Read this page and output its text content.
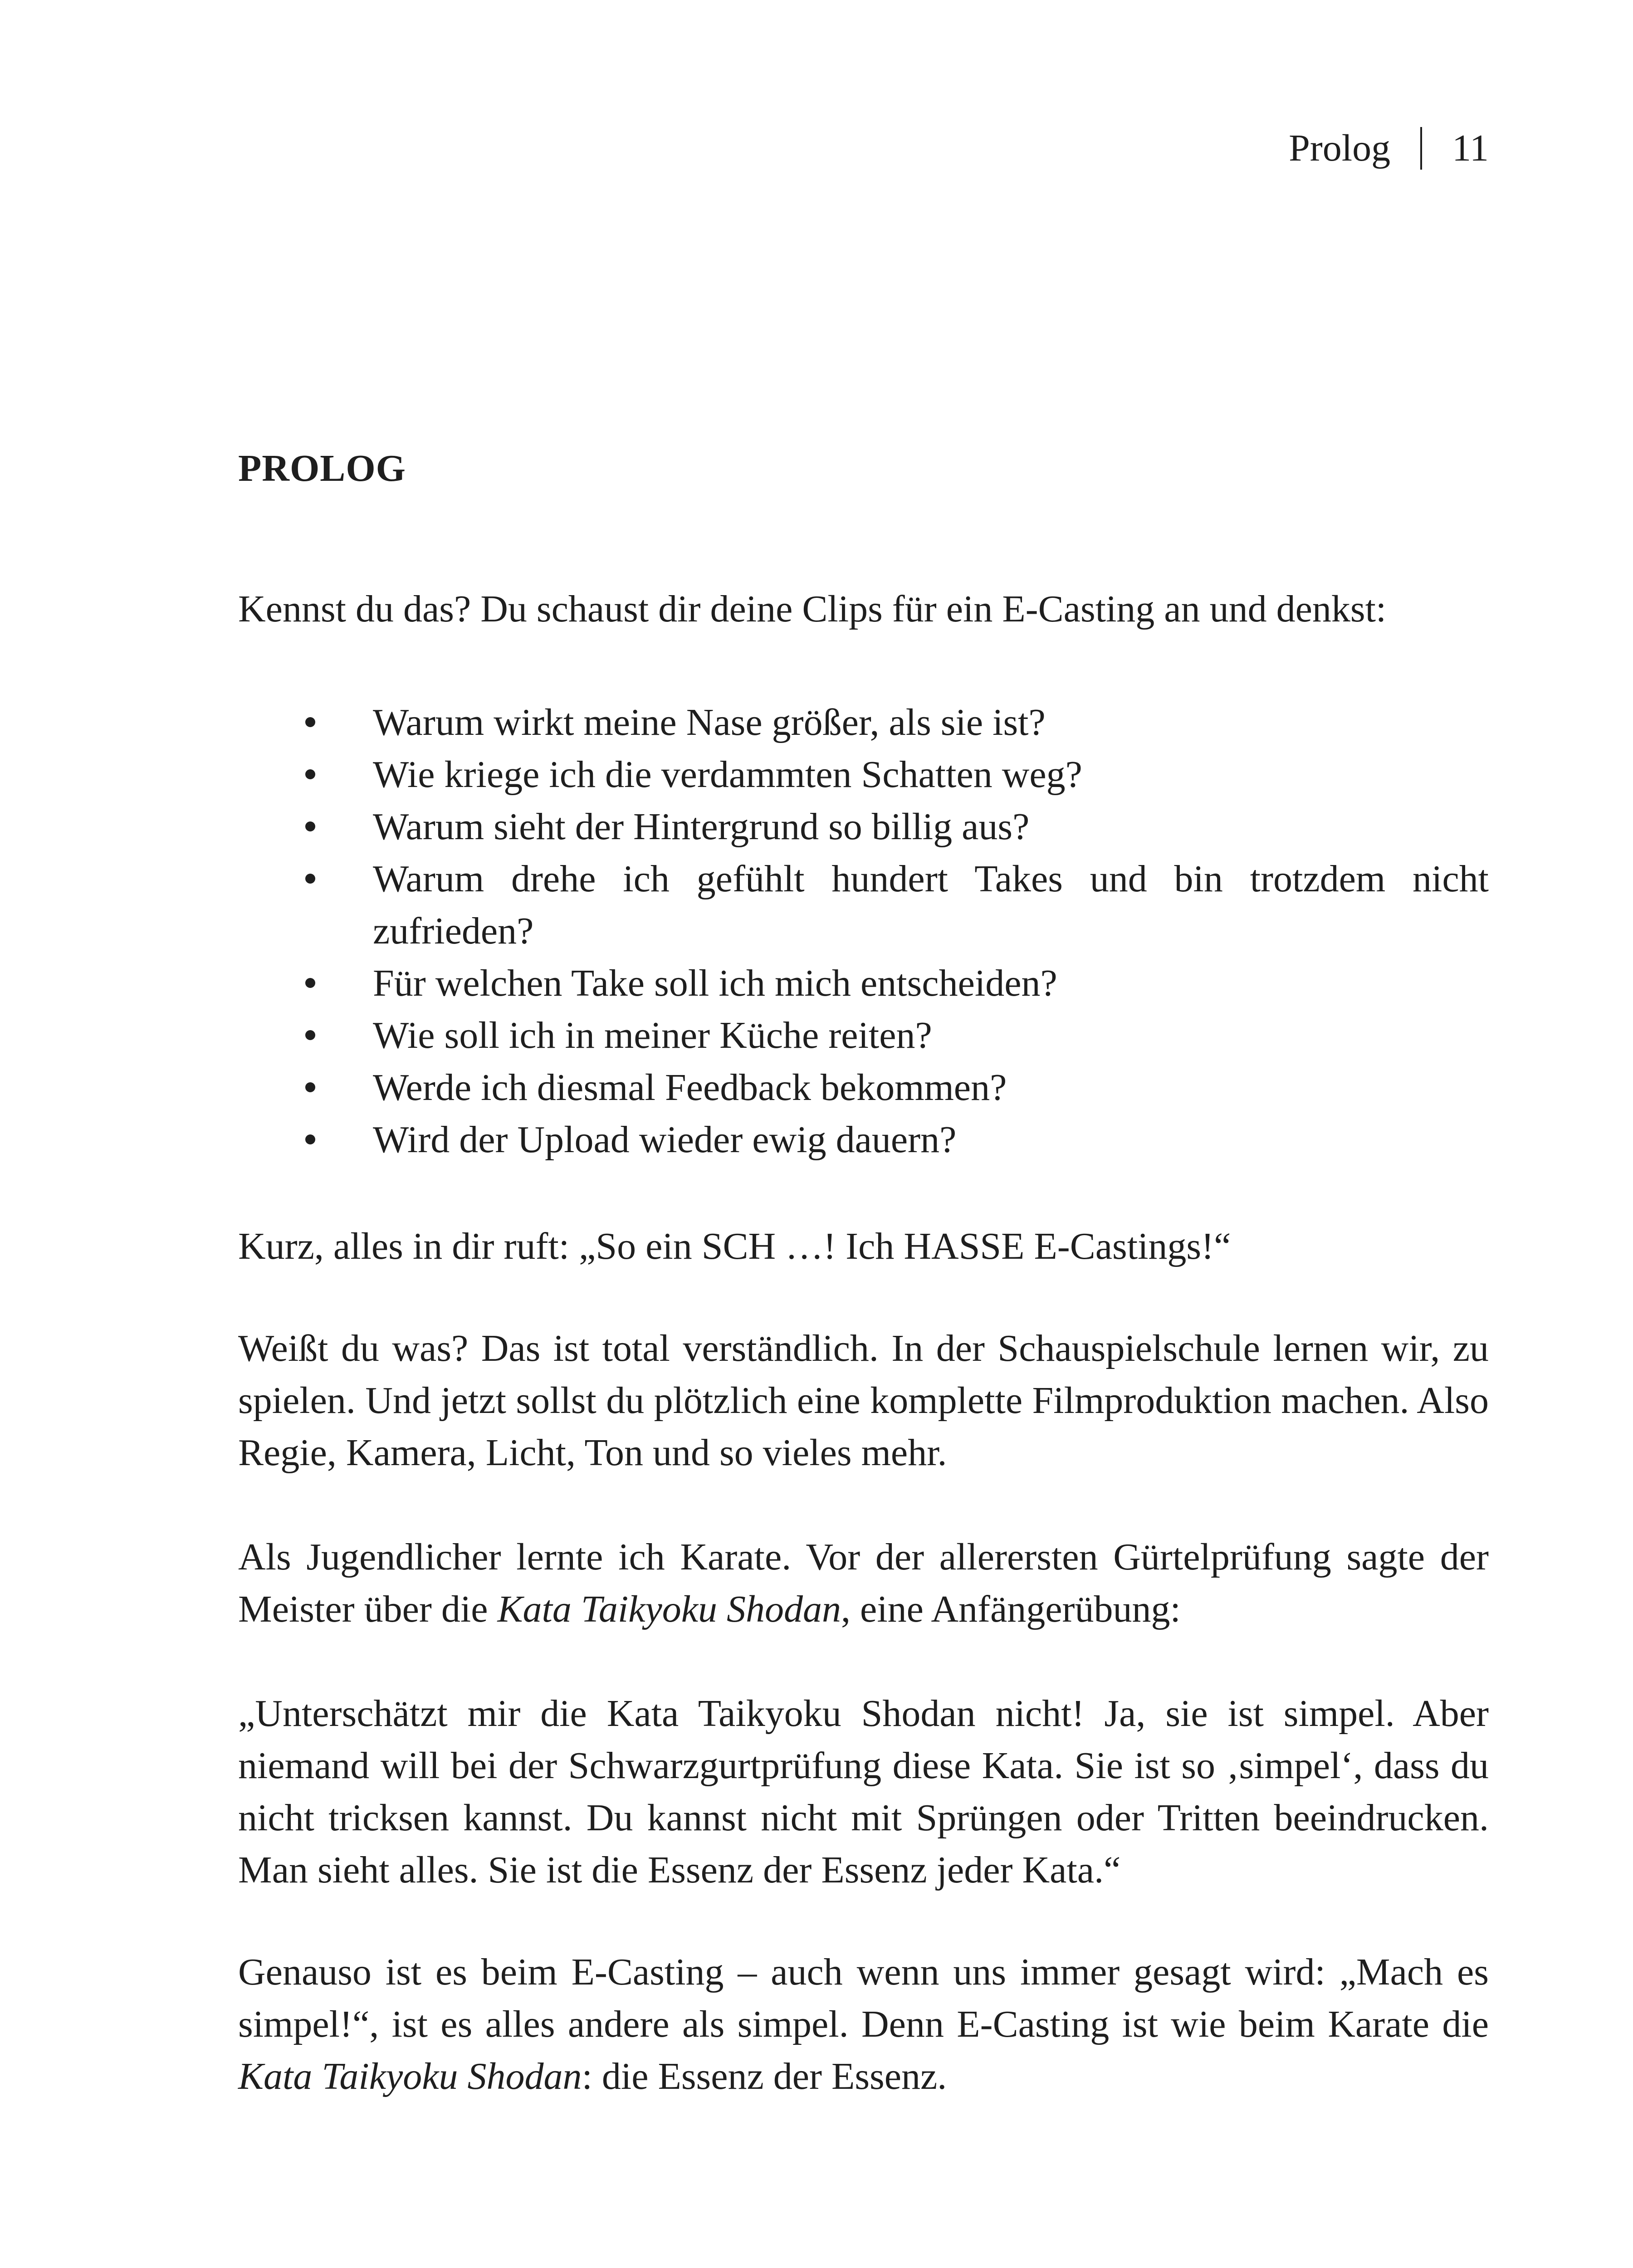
Prolog	11
PROLOG

Kennst du das? Du schaust dir deine Clips für ein E-Casting an und denkst:

Warum wirkt meine Nase größer, als sie ist?
Wie kriege ich die verdammten Schatten weg?
Warum sieht der Hintergrund so billig aus?
Warum drehe ich gefühlt hundert Takes und bin trotzdem nicht zufrieden?
Für welchen Take soll ich mich entscheiden?
Wie soll ich in meiner Küche reiten?
Werde ich diesmal Feedback bekommen?
Wird der Upload wieder ewig dauern?

Kurz, alles in dir ruft: „So ein SCH …! Ich HASSE E-Castings!“

Weißt du was? Das ist total verständlich. In der Schauspielschule lernen wir, zu spielen. Und jetzt sollst du plötzlich eine komplette Filmproduktion machen. Also Regie, Kamera, Licht, Ton und so vieles mehr.

Als Jugendlicher lernte ich Karate. Vor der allerersten Gürtelprüfung sagte der Meister über die Kata Taikyoku Shodan, eine Anfängerübung:

„Unterschätzt mir die Kata Taikyoku Shodan nicht! Ja, sie ist simpel. Aber niemand will bei der Schwarzgurtprüfung diese Kata. Sie ist so ‚simpel‘, dass du nicht tricksen kannst. Du kannst nicht mit Sprüngen oder Tritten beeindrucken. Man sieht alles. Sie ist die Essenz der Essenz jeder Kata.“

Genauso ist es beim E-Casting – auch wenn uns immer gesagt wird: „Mach es simpel!“, ist es alles andere als simpel. Denn E-Casting ist wie beim Karate die Kata Taikyoku Shodan: die Essenz der Essenz.
